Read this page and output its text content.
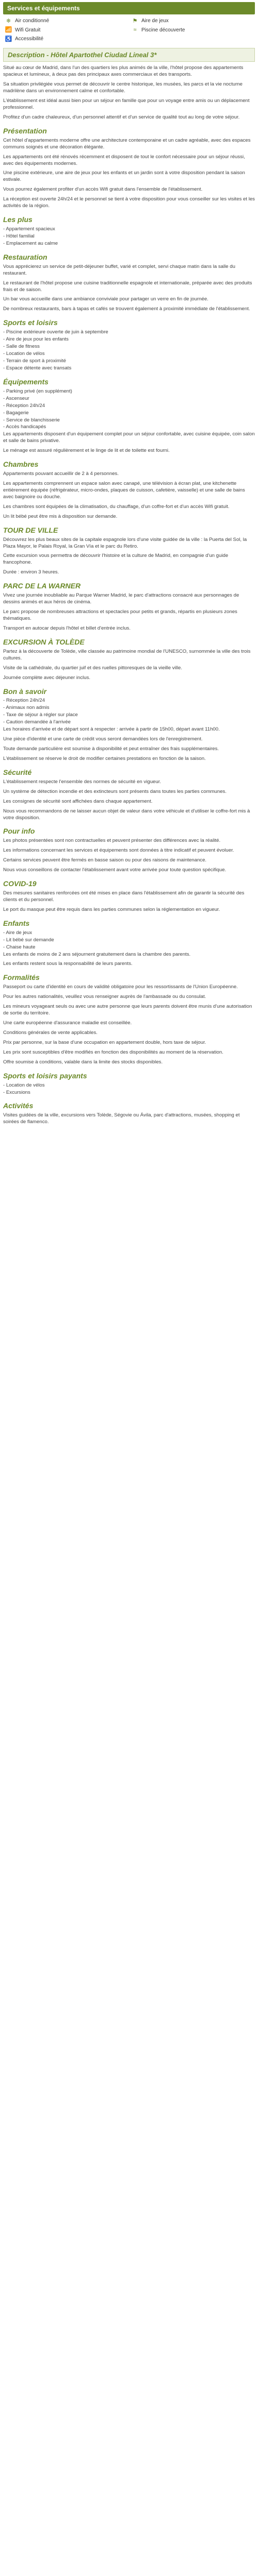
Services et équipements
❄ Air conditionné	⚑ Aire de jeux
📶 Wifi Gratuit	≈ Piscine découverte
♿ Accessibilité
Description - Hôtel Apartothel Ciudad Lineal 3*

Situé au cœur de Madrid, dans l'un des quartiers les plus animés de la ville, l'hôtel propose des appartements spacieux et lumineux, à deux pas des principaux axes commerciaux et des transports.

Sa situation privilégiée vous permet de découvrir le centre historique, les musées, les parcs et la vie nocturne madrilène dans un environnement calme et confortable.

L'établissement est idéal aussi bien pour un séjour en famille que pour un voyage entre amis ou un déplacement professionnel.

Profitez d'un cadre chaleureux, d'un personnel attentif et d'un service de qualité tout au long de votre séjour.

Présentation

Cet hôtel d'appartements moderne offre une architecture contemporaine et un cadre agréable, avec des espaces communs soignés et une décoration élégante.

Les appartements ont été rénovés récemment et disposent de tout le confort nécessaire pour un séjour réussi, avec des équipements modernes.

Une piscine extérieure, une aire de jeux pour les enfants et un jardin sont à votre disposition pendant la saison estivale.

Vous pourrez également profiter d'un accès Wifi gratuit dans l'ensemble de l'établissement.

La réception est ouverte 24h/24 et le personnel se tient à votre disposition pour vous conseiller sur les visites et les activités de la région.

Les plus
- Appartement spacieux
- Hôtel familial
- Emplacement au calme
Restauration

Vous apprécierez un service de petit-déjeuner buffet, varié et complet, servi chaque matin dans la salle du restaurant.

Le restaurant de l'hôtel propose une cuisine traditionnelle espagnole et internationale, préparée avec des produits frais et de saison.

Un bar vous accueille dans une ambiance conviviale pour partager un verre en fin de journée.

De nombreux restaurants, bars à tapas et cafés se trouvent également à proximité immédiate de l'établissement.

Sports et loisirs
- Piscine extérieure ouverte de juin à septembre
- Aire de jeux pour les enfants
- Salle de fitness
- Location de vélos
- Terrain de sport à proximité
- Espace détente avec transats
Équipements
- Parking privé (en supplément)
- Ascenseur
- Réception 24h/24
- Bagagerie
- Service de blanchisserie
- Accès handicapés

Les appartements disposent d'un équipement complet pour un séjour confortable, avec cuisine équipée, coin salon et salle de bains privative.

Le ménage est assuré régulièrement et le linge de lit et de toilette est fourni.

Chambres

Appartements pouvant accueillir de 2 à 4 personnes.

Les appartements comprennent un espace salon avec canapé, une télévision à écran plat, une kitchenette entièrement équipée (réfrigérateur, micro-ondes, plaques de cuisson, cafetière, vaisselle) et une salle de bains avec baignoire ou douche.

Les chambres sont équipées de la climatisation, du chauffage, d'un coffre-fort et d'un accès Wifi gratuit.

Un lit bébé peut être mis à disposition sur demande.

TOUR DE VILLE

Découvrez les plus beaux sites de la capitale espagnole lors d'une visite guidée de la ville : la Puerta del Sol, la Plaza Mayor, le Palais Royal, la Gran Vía et le parc du Retiro.

Cette excursion vous permettra de découvrir l'histoire et la culture de Madrid, en compagnie d'un guide francophone.

Durée : environ 3 heures.

PARC DE LA WARNER

Vivez une journée inoubliable au Parque Warner Madrid, le parc d'attractions consacré aux personnages de dessins animés et aux héros de cinéma.

Le parc propose de nombreuses attractions et spectacles pour petits et grands, répartis en plusieurs zones thématiques.

Transport en autocar depuis l'hôtel et billet d'entrée inclus.

EXCURSION À TOLÈDE

Partez à la découverte de Tolède, ville classée au patrimoine mondial de l'UNESCO, surnommée la ville des trois cultures.

Visite de la cathédrale, du quartier juif et des ruelles pittoresques de la vieille ville.

Journée complète avec déjeuner inclus.

Bon à savoir
- Réception 24h/24
- Animaux non admis
- Taxe de séjour à régler sur place
- Caution demandée à l'arrivée

Les horaires d'arrivée et de départ sont à respecter : arrivée à partir de 15h00, départ avant 11h00.

Une pièce d'identité et une carte de crédit vous seront demandées lors de l'enregistrement.

Toute demande particulière est soumise à disponibilité et peut entraîner des frais supplémentaires.

L'établissement se réserve le droit de modifier certaines prestations en fonction de la saison.

Sécurité

L'établissement respecte l'ensemble des normes de sécurité en vigueur.

Un système de détection incendie et des extincteurs sont présents dans toutes les parties communes.

Les consignes de sécurité sont affichées dans chaque appartement.

Nous vous recommandons de ne laisser aucun objet de valeur dans votre véhicule et d'utiliser le coffre-fort mis à votre disposition.

Pour info

Les photos présentées sont non contractuelles et peuvent présenter des différences avec la réalité.

Les informations concernant les services et équipements sont données à titre indicatif et peuvent évoluer.

Certains services peuvent être fermés en basse saison ou pour des raisons de maintenance.

Nous vous conseillons de contacter l'établissement avant votre arrivée pour toute question spécifique.

COVID-19

Des mesures sanitaires renforcées ont été mises en place dans l'établissement afin de garantir la sécurité des clients et du personnel.

Le port du masque peut être requis dans les parties communes selon la réglementation en vigueur.

Enfants
- Aire de jeux
- Lit bébé sur demande
- Chaise haute

Les enfants de moins de 2 ans séjournent gratuitement dans la chambre des parents.

Les enfants restent sous la responsabilité de leurs parents.

Formalités

Passeport ou carte d'identité en cours de validité obligatoire pour les ressortissants de l'Union Européenne.

Pour les autres nationalités, veuillez vous renseigner auprès de l'ambassade ou du consulat.

Les mineurs voyageant seuls ou avec une autre personne que leurs parents doivent être munis d'une autorisation de sortie du territoire.

Une carte européenne d'assurance maladie est conseillée.

Conditions générales de vente applicables.

Prix par personne, sur la base d'une occupation en appartement double, hors taxe de séjour.

Les prix sont susceptibles d'être modifiés en fonction des disponibilités au moment de la réservation.

Offre soumise à conditions, valable dans la limite des stocks disponibles.

Sports et loisirs payants
- Location de vélos
- Excursions
Activités

Visites guidées de la ville, excursions vers Tolède, Ségovie ou Ávila, parc d'attractions, musées, shopping et soirées de flamenco.
